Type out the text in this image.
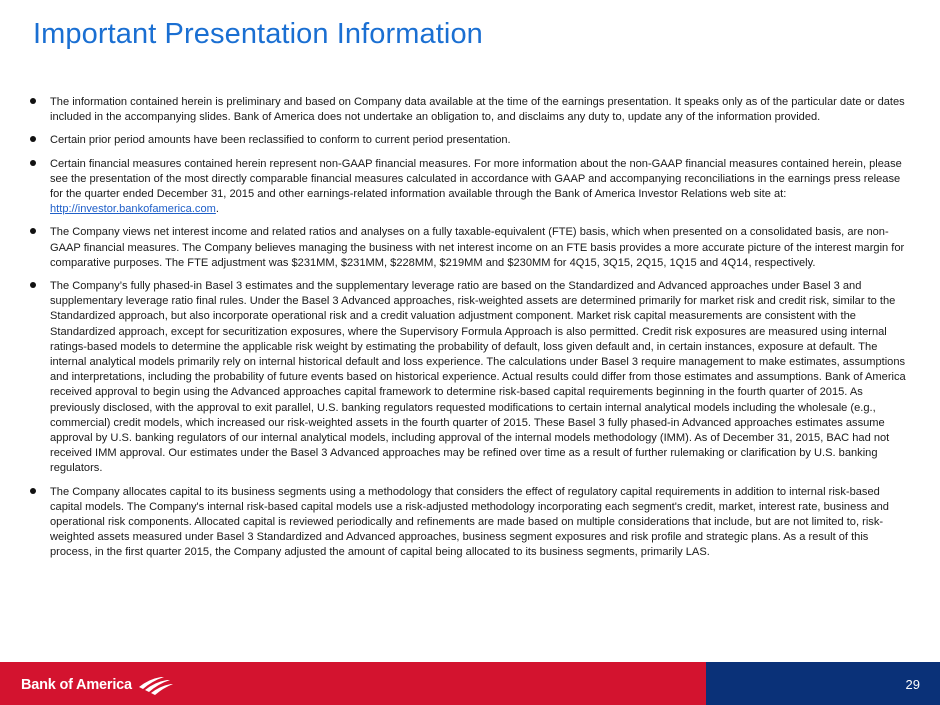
Important Presentation Information
The information contained herein is preliminary and based on Company data available at the time of the earnings presentation. It speaks only as of the particular date or dates included in the accompanying slides. Bank of America does not undertake an obligation to, and disclaims any duty to, update any of the information provided.
Certain prior period amounts have been reclassified to conform to current period presentation.
Certain financial measures contained herein represent non-GAAP financial measures. For more information about the non-GAAP financial measures contained herein, please see the presentation of the most directly comparable financial measures calculated in accordance with GAAP and accompanying reconciliations in the earnings press release for the quarter ended December 31, 2015 and other earnings-related information available through the Bank of America Investor Relations web site at: http://investor.bankofamerica.com.
The Company views net interest income and related ratios and analyses on a fully taxable-equivalent (FTE) basis, which when presented on a consolidated basis, are non-GAAP financial measures. The Company believes managing the business with net interest income on an FTE basis provides a more accurate picture of the interest margin for comparative purposes. The FTE adjustment was $231MM, $231MM, $228MM, $219MM and $230MM for 4Q15, 3Q15, 2Q15, 1Q15 and 4Q14, respectively.
The Company’s fully phased-in Basel 3 estimates and the supplementary leverage ratio are based on the Standardized and Advanced approaches under Basel 3 and supplementary leverage ratio final rules. Under the Basel 3 Advanced approaches, risk-weighted assets are determined primarily for market risk and credit risk, similar to the Standardized approach, but also incorporate operational risk and a credit valuation adjustment component. Market risk capital measurements are consistent with the Standardized approach, except for securitization exposures, where the Supervisory Formula Approach is also permitted. Credit risk exposures are measured using internal ratings-based models to determine the applicable risk weight by estimating the probability of default, loss given default and, in certain instances, exposure at default. The internal analytical models primarily rely on internal historical default and loss experience. The calculations under Basel 3 require management to make estimates, assumptions and interpretations, including the probability of future events based on historical experience. Actual results could differ from those estimates and assumptions. Bank of America received approval to begin using the Advanced approaches capital framework to determine risk-based capital requirements beginning in the fourth quarter of 2015. As previously disclosed, with the approval to exit parallel, U.S. banking regulators requested modifications to certain internal analytical models including the wholesale (e.g., commercial) credit models, which increased our risk-weighted assets in the fourth quarter of 2015. These Basel 3 fully phased-in Advanced approaches estimates assume approval by U.S. banking regulators of our internal analytical models, including approval of the internal models methodology (IMM). As of December 31, 2015, BAC had not received IMM approval. Our estimates under the Basel 3 Advanced approaches may be refined over time as a result of further rulemaking or clarification by U.S. banking regulators.
The Company allocates capital to its business segments using a methodology that considers the effect of regulatory capital requirements in addition to internal risk-based capital models. The Company's internal risk-based capital models use a risk-adjusted methodology incorporating each segment's credit, market, interest rate, business and operational risk components. Allocated capital is reviewed periodically and refinements are made based on multiple considerations that include, but are not limited to, risk-weighted assets measured under Basel 3 Standardized and Advanced approaches, business segment exposures and risk profile and strategic plans. As a result of this process, in the first quarter 2015, the Company adjusted the amount of capital being allocated to its business segments, primarily LAS.
Bank of America	29
